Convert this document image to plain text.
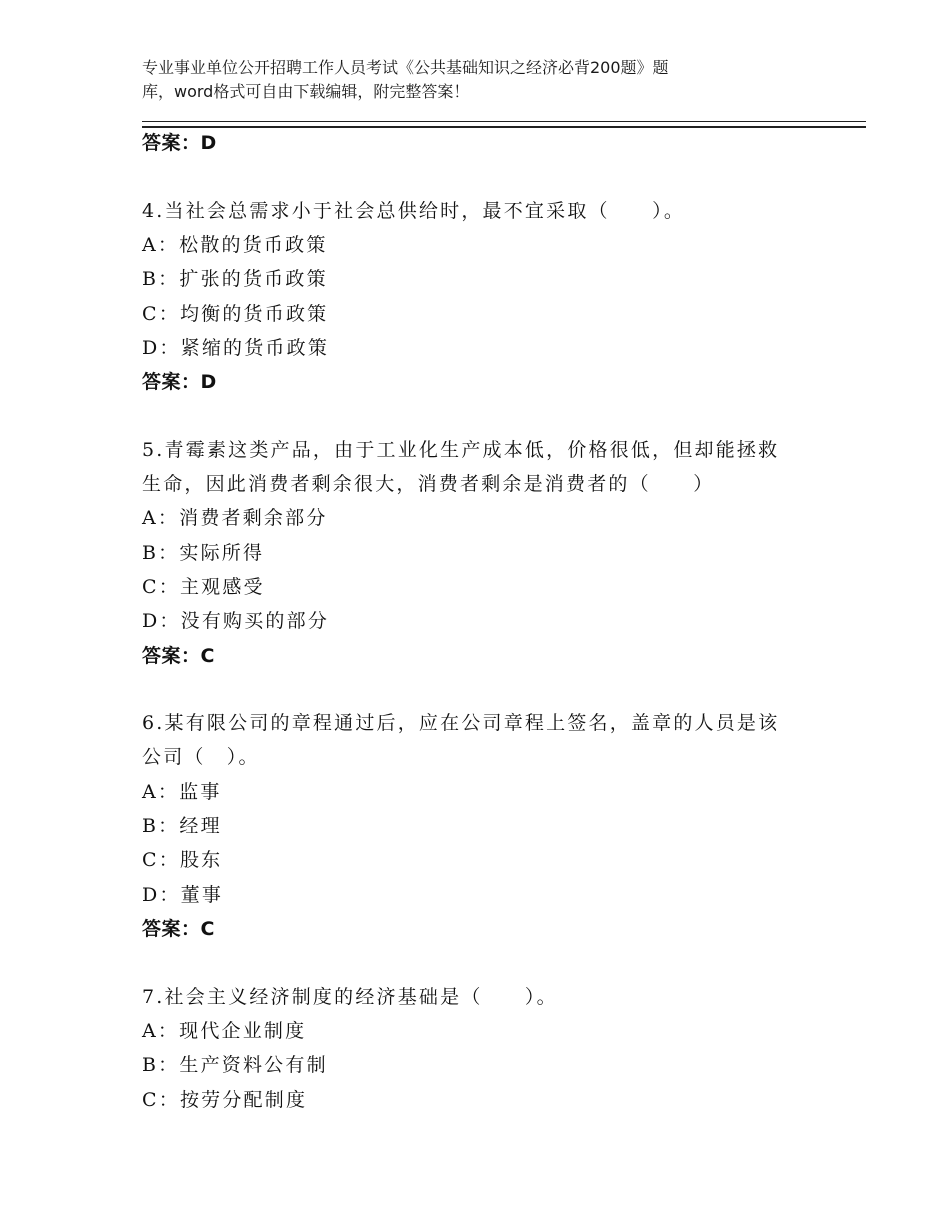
专业事业单位公开招聘工作人员考试《公共基础知识之经济必背200题》题
库，word格式可自由下载编辑，附完整答案！
答案：D
4.当社会总需求小于社会总供给时，最不宜采取（　　）。
A：松散的货币政策
B：扩张的货币政策
C：均衡的货币政策
D：紧缩的货币政策
答案：D
5.青霉素这类产品，由于工业化生产成本低，价格很低，但却能拯救
生命，因此消费者剩余很大，消费者剩余是消费者的（　　）
A：消费者剩余部分
B：实际所得
C：主观感受
D：没有购买的部分
答案：C
6.某有限公司的章程通过后，应在公司章程上签名，盖章的人员是该
公司（　）。
A：监事
B：经理
C：股东
D：董事
答案：C
7.社会主义经济制度的经济基础是（　　）。
A：现代企业制度
B：生产资料公有制
C：按劳分配制度
